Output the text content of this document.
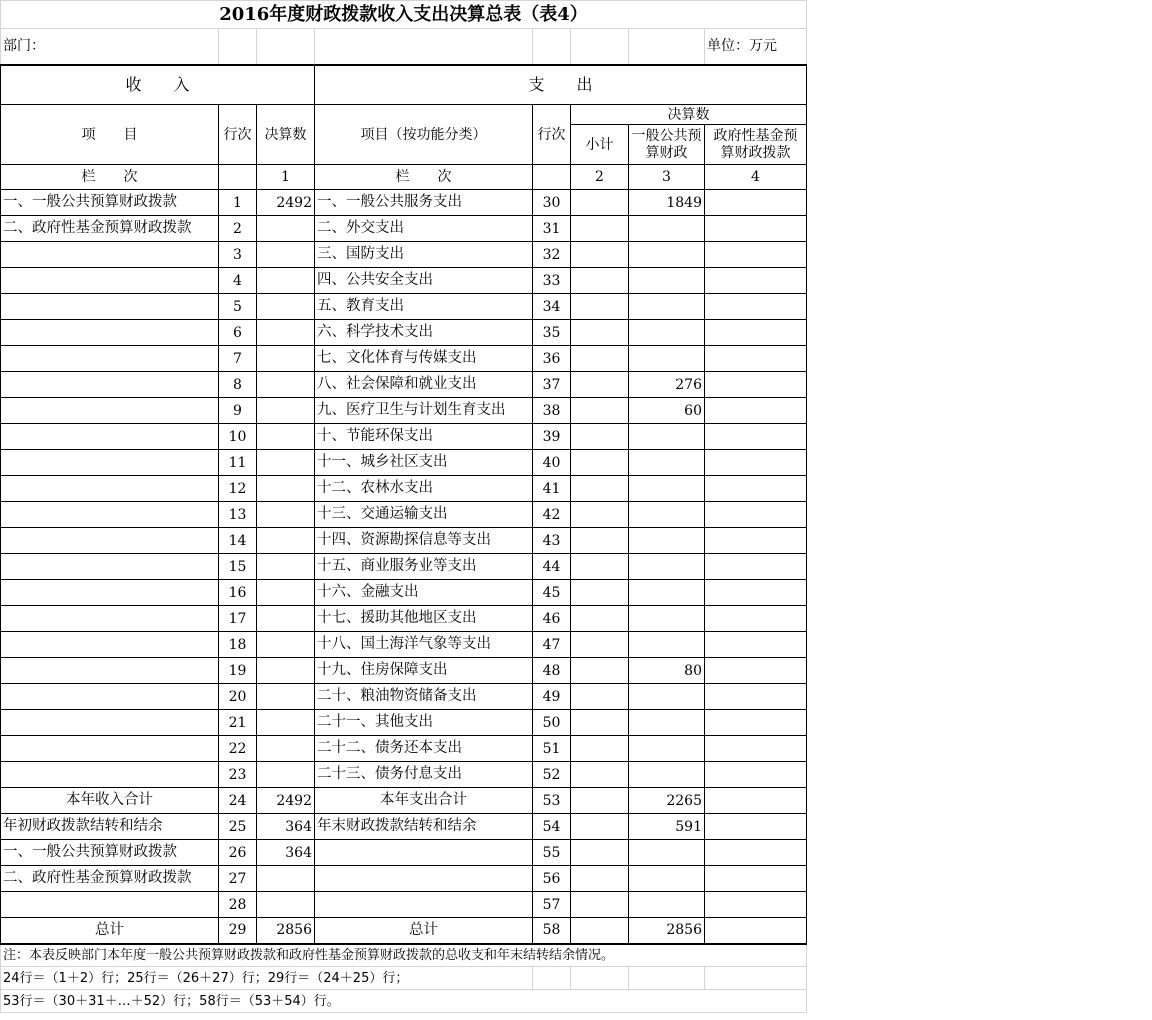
2016年度财政拨款收入支出决算总表（表4）							
部门：							单位：万元
收　　入			支　　出				
项　　目	行次	决算数	项目（按功能分类）	行次	决算数		
					小计	一般公共预算财政	政府性基金预算财政拨款
栏　　次		1	栏　　次		2	3	4
一、一般公共预算财政拨款	1	2492	一、一般公共服务支出	30		1849	
二、政府性基金预算财政拨款	2		二、外交支出	31			
	3		三、国防支出	32			
	4		四、公共安全支出	33			
	5		五、教育支出	34			
	6		六、科学技术支出	35			
	7		七、文化体育与传媒支出	36			
	8		八、社会保障和就业支出	37		276	
	9		九、医疗卫生与计划生育支出	38		60	
	10		十、节能环保支出	39			
	11		十一、城乡社区支出	40			
	12		十二、农林水支出	41			
	13		十三、交通运输支出	42			
	14		十四、资源勘探信息等支出	43			
	15		十五、商业服务业等支出	44			
	16		十六、金融支出	45			
	17		十七、援助其他地区支出	46			
	18		十八、国土海洋气象等支出	47			
	19		十九、住房保障支出	48		80	
	20		二十、粮油物资储备支出	49			
	21		二十一、其他支出	50			
	22		二十二、债务还本支出	51			
	23		二十三、债务付息支出	52			
本年收入合计	24	2492	本年支出合计	53		2265	
年初财政拨款结转和结余	25	364	年末财政拨款结转和结余	54		591	
一、一般公共预算财政拨款	26	364		55			
二、政府性基金预算财政拨款	27			56			
	28			57			
总计	29	2856	总计	58		2856	
注：本表反映部门本年度一般公共预算财政拨款和政府性基金预算财政拨款的总收支和年末结转结余情况。							
24行＝（1＋2）行；25行＝（26＋27）行；29行＝（24＋25）行；							
53行＝（30＋31＋…＋52）行；58行＝（53＋54）行。							
